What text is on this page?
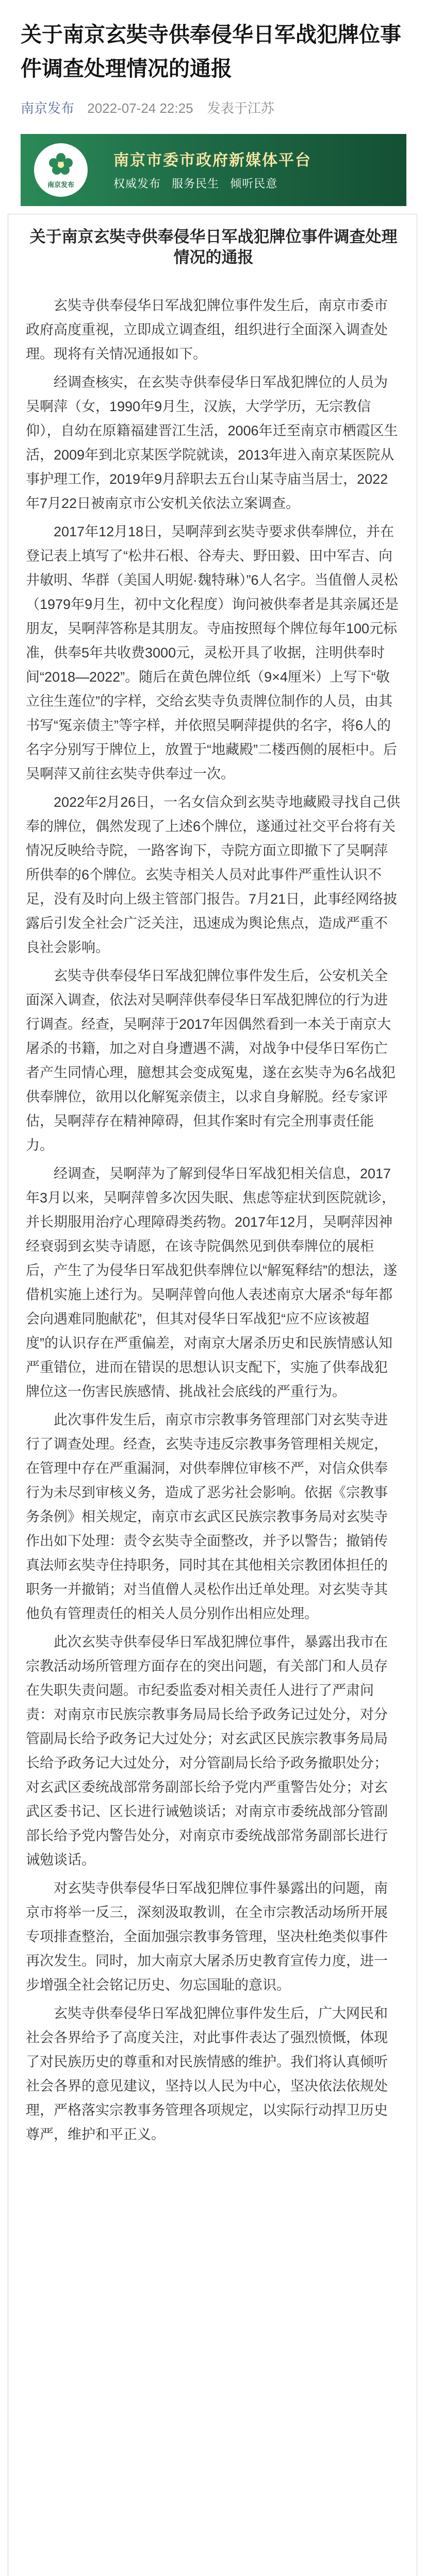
关于南京玄奘寺供奉侵华日军战犯牌位事件调查处理情况的通报
南京发布 2022-07-24 22:25 发表于江苏
南京发布
南京市委市政府新媒体平台
权威发布 服务民生 倾听民意
关于南京玄奘寺供奉侵华日军战犯牌位事件调查处理情况的通报

玄奘寺供奉侵华日军战犯牌位事件发生后，南京市委市政府高度重视，立即成立调查组，组织进行全面深入调查处理。现将有关情况通报如下。

经调查核实，在玄奘寺供奉侵华日军战犯牌位的人员为吴啊萍（女，1990年9月生，汉族，大学学历，无宗教信仰），自幼在原籍福建晋江生活，2006年迁至南京市栖霞区生活，2009年到北京某医学院就读，2013年进入南京某医院从事护理工作，2019年9月辞职去五台山某寺庙当居士，2022年7月22日被南京市公安机关依法立案调查。

2017年12月18日，吴啊萍到玄奘寺要求供奉牌位，并在登记表上填写了“松井石根、谷寿夫、野田毅、田中军吉、向井敏明、华群（美国人明妮·魏特琳）”6人名字。当值僧人灵松（1979年9月生，初中文化程度）询问被供奉者是其亲属还是朋友，吴啊萍答称是其朋友。寺庙按照每个牌位每年100元标准，供奉5年共收费3000元，灵松开具了收据，注明供奉时间“2018—2022”。随后在黄色牌位纸（9×4厘米）上写下“敬立往生莲位”的字样，交给玄奘寺负责牌位制作的人员，由其书写“冤亲债主”等字样，并依照吴啊萍提供的名字，将6人的名字分别写于牌位上，放置于“地藏殿”二楼西侧的展柜中。后吴啊萍又前往玄奘寺供奉过一次。

2022年2月26日，一名女信众到玄奘寺地藏殿寻找自己供奉的牌位，偶然发现了上述6个牌位，遂通过社交平台将有关情况反映给寺院，一路客询下，寺院方面立即撤下了吴啊萍所供奉的6个牌位。玄奘寺相关人员对此事件严重性认识不足，没有及时向上级主管部门报告。7月21日，此事经网络披露后引发全社会广泛关注，迅速成为舆论焦点，造成严重不良社会影响。

玄奘寺供奉侵华日军战犯牌位事件发生后，公安机关全面深入调查，依法对吴啊萍供奉侵华日军战犯牌位的行为进行调查。经查，吴啊萍于2017年因偶然看到一本关于南京大屠杀的书籍，加之对自身遭遇不满，对战争中侵华日军伤亡者产生同情心理，臆想其会变成冤鬼，遂在玄奘寺为6名战犯供奉牌位，欲用以化解冤亲债主，以求自身解脱。经专家评估，吴啊萍存在精神障碍，但其作案时有完全刑事责任能力。

经调查，吴啊萍为了解到侵华日军战犯相关信息，2017年3月以来，吴啊萍曾多次因失眠、焦虑等症状到医院就诊，并长期服用治疗心理障碍类药物。2017年12月，吴啊萍因神经衰弱到玄奘寺请愿，在该寺院偶然见到供奉牌位的展柜后，产生了为侵华日军战犯供奉牌位以“解冤释结”的想法，遂借机实施上述行为。吴啊萍曾向他人表述南京大屠杀“每年都会向遇难同胞献花”，但其对侵华日军战犯“应不应该被超度”的认识存在严重偏差，对南京大屠杀历史和民族情感认知严重错位，进而在错误的思想认识支配下，实施了供奉战犯牌位这一伤害民族感情、挑战社会底线的严重行为。

此次事件发生后，南京市宗教事务管理部门对玄奘寺进行了调查处理。经查，玄奘寺违反宗教事务管理相关规定，在管理中存在严重漏洞，对供奉牌位审核不严，对信众供奉行为未尽到审核义务，造成了恶劣社会影响。依据《宗教事务条例》相关规定，南京市玄武区民族宗教事务局对玄奘寺作出如下处理：责令玄奘寺全面整改，并予以警告；撤销传真法师玄奘寺住持职务，同时其在其他相关宗教团体担任的职务一并撤销；对当值僧人灵松作出迁单处理。对玄奘寺其他负有管理责任的相关人员分别作出相应处理。

此次玄奘寺供奉侵华日军战犯牌位事件，暴露出我市在宗教活动场所管理方面存在的突出问题，有关部门和人员存在失职失责问题。市纪委监委对相关责任人进行了严肃问责：对南京市民族宗教事务局局长给予政务记过处分，对分管副局长给予政务记大过处分；对玄武区民族宗教事务局局长给予政务记大过处分，对分管副局长给予政务撤职处分；对玄武区委统战部常务副部长给予党内严重警告处分；对玄武区委书记、区长进行诫勉谈话；对南京市委统战部分管副部长给予党内警告处分，对南京市委统战部常务副部长进行诫勉谈话。

对玄奘寺供奉侵华日军战犯牌位事件暴露出的问题，南京市将举一反三，深刻汲取教训，在全市宗教活动场所开展专项排查整治，全面加强宗教事务管理，坚决杜绝类似事件再次发生。同时，加大南京大屠杀历史教育宣传力度，进一步增强全社会铭记历史、勿忘国耻的意识。

玄奘寺供奉侵华日军战犯牌位事件发生后，广大网民和社会各界给予了高度关注，对此事件表达了强烈愤慨，体现了对民族历史的尊重和对民族情感的维护。我们将认真倾听社会各界的意见建议，坚持以人民为中心，坚决依法依规处理，严格落实宗教事务管理各项规定，以实际行动捍卫历史尊严，维护和平正义。
